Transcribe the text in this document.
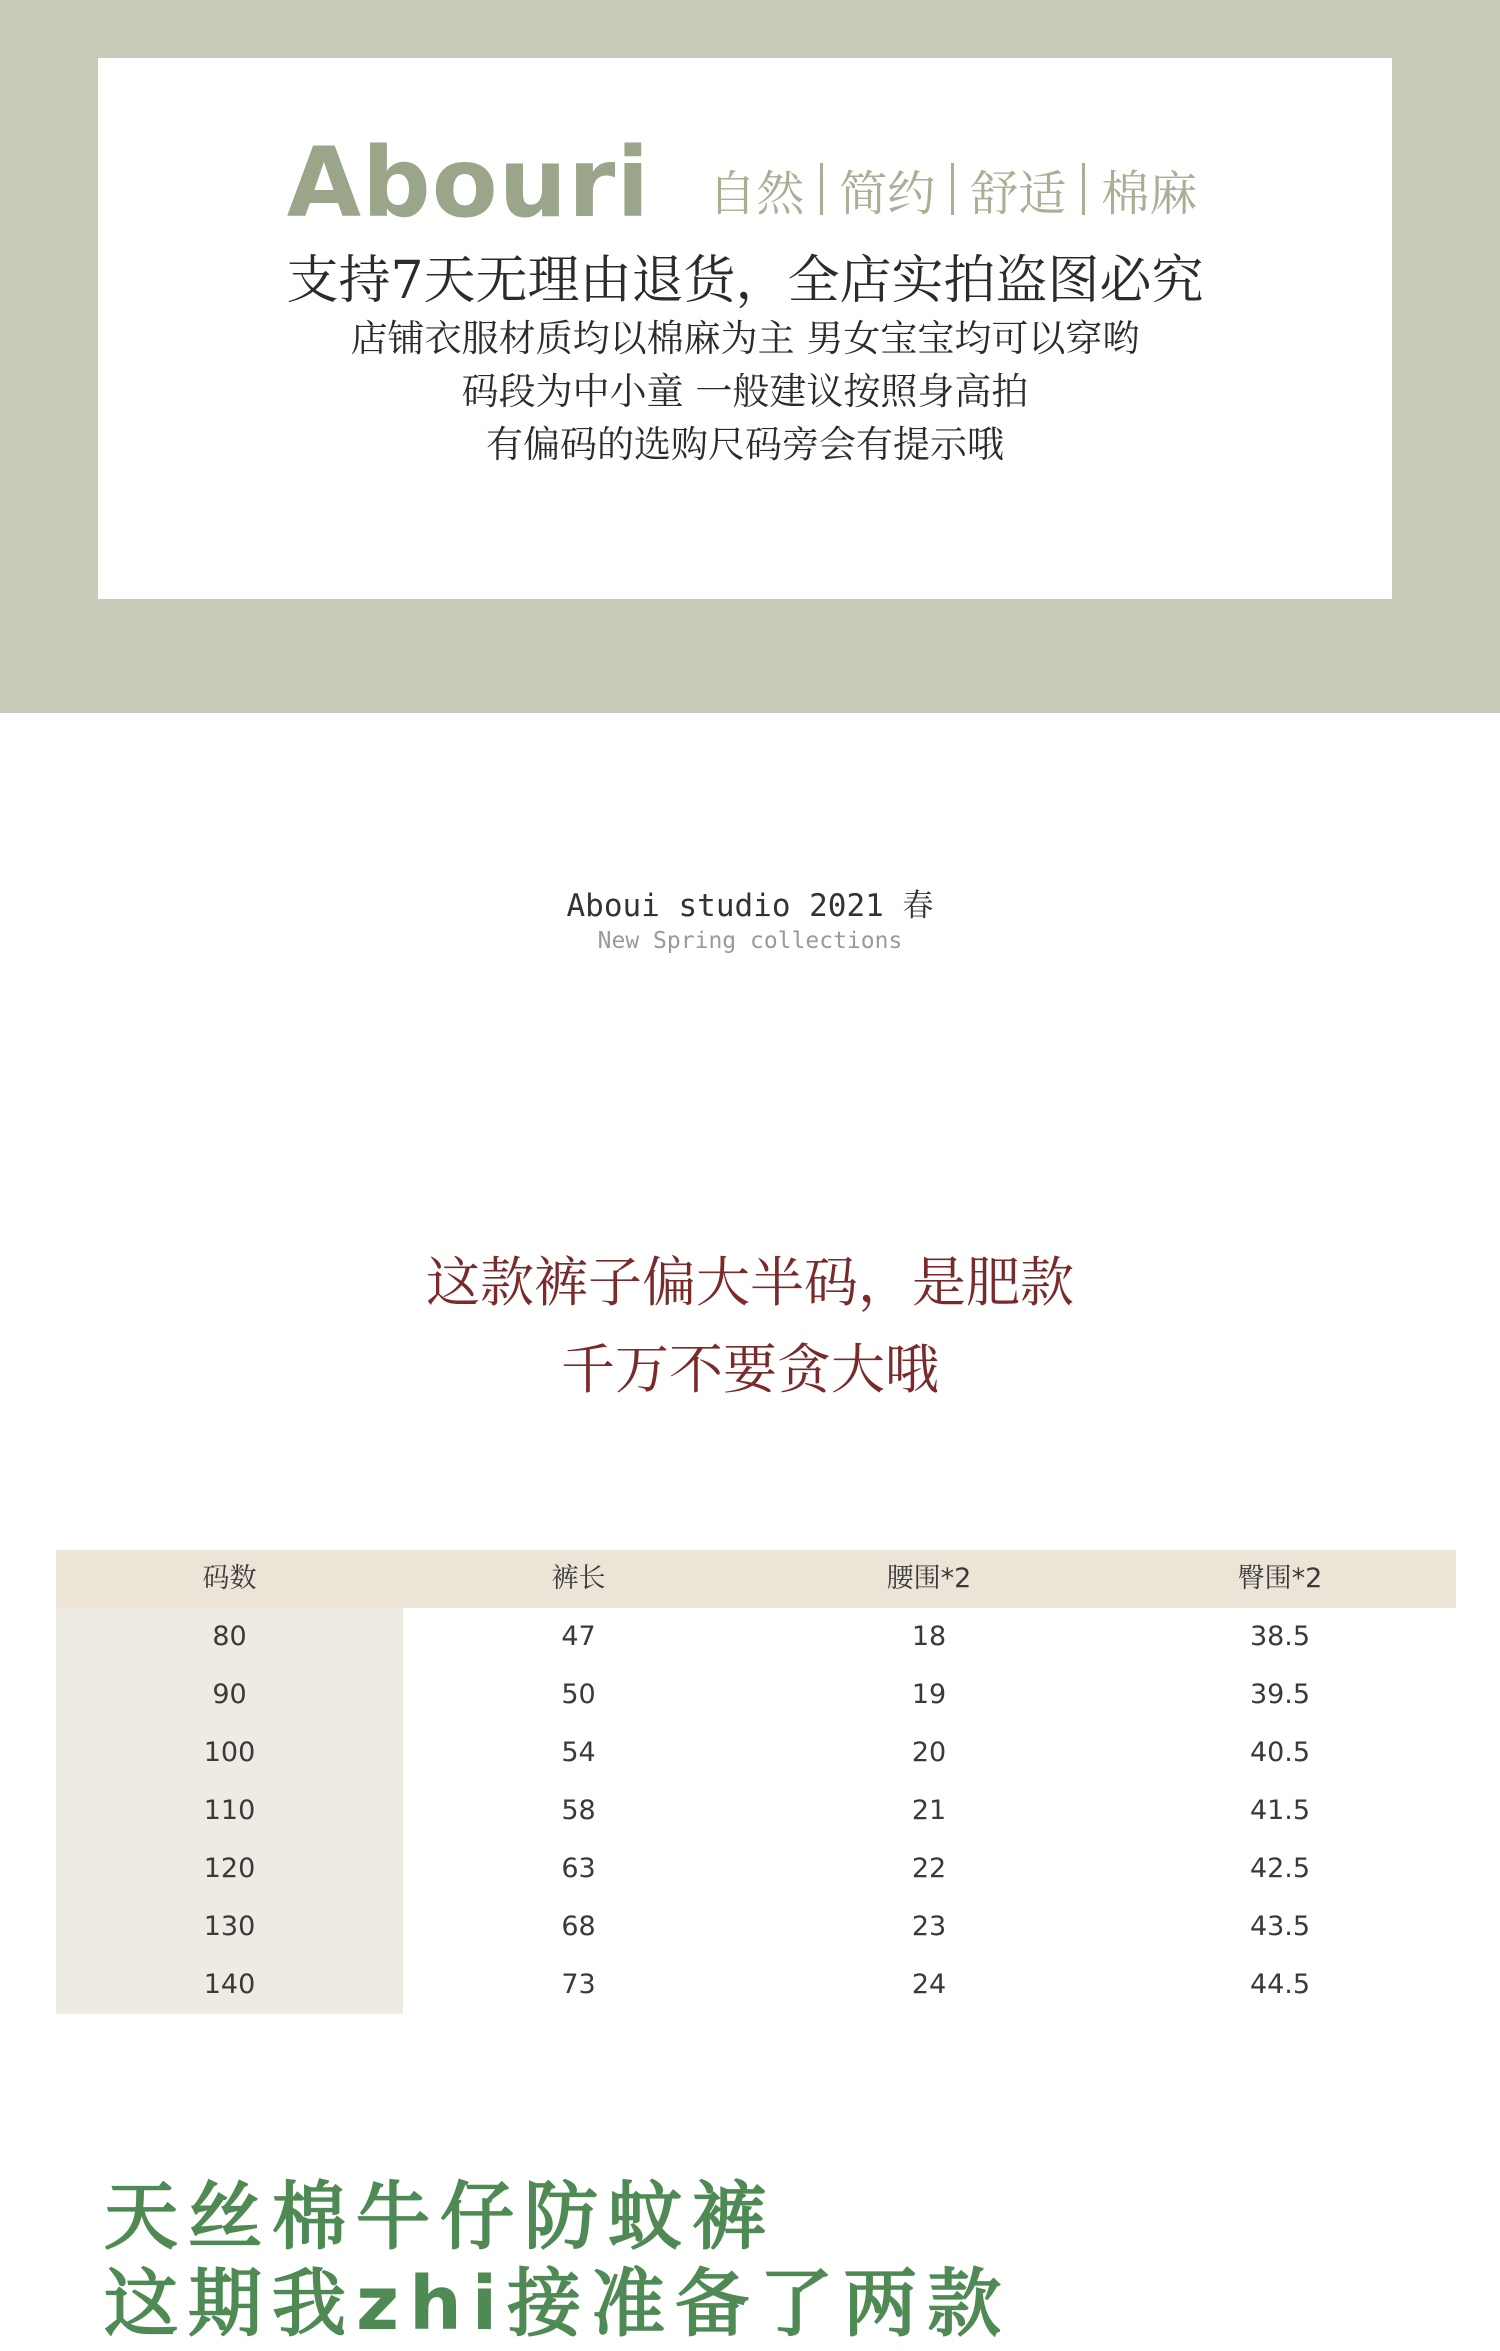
Abouri 自然 简约 舒适 棉麻
支持7天无理由退货，全店实拍盗图必究
店铺衣服材质均以棉麻为主 男女宝宝均可以穿哟
码段为中小童 一般建议按照身高拍
有偏码的选购尺码旁会有提示哦
Aboui studio 2021 春
New Spring collections
这款裤子偏大半码，是肥款
千万不要贪大哦
码数	裤长	腰围*2	臀围*2
80	47	18	38.5
90	50	19	39.5
100	54	20	40.5
110	58	21	41.5
120	63	22	42.5
130	68	23	43.5
140	73	24	44.5
天丝棉牛仔防蚊裤
这期我zhi接准备了两款
